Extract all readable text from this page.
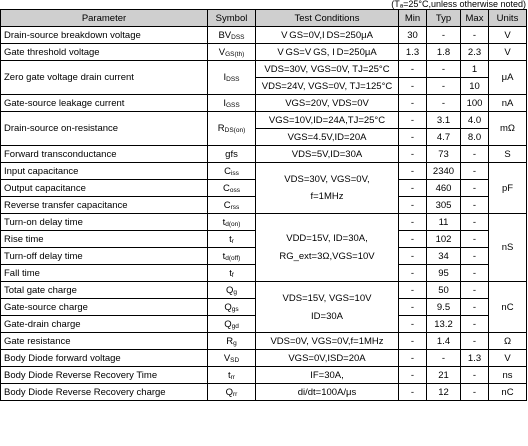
(Tₐ=25°C,unless otherwise noted)
Parameter	Symbol	Test Conditions	Min	Typ	Max	Units
Drain-source breakdown voltage	$BV_{DSS}$	V GS=0V,I DS=250μA	30	-	-	V
Gate threshold voltage	$V_{GS(th)}$	V GS=V GS, I D=250μA	1.3	1.8	2.3	V
Zero gate voltage drain current	$I_{DSS}$	VDS=30V, VGS=0V, TJ=25°C	-	-	1	μA
		VDS=24V, VGS=0V, TJ=125°C	-	-	10	
Gate-source leakage current	$I_{GSS}$	VGS=20V, VDS=0V	-	-	100	nA
Drain-source on-resistance	$R_{DS(on)}$	VGS=10V,ID=24A,TJ=25°C	-	3.1	4.0	mΩ
		VGS=4.5V,ID=20A	-	4.7	8.0	
Forward transconductance	gfs	VDS=5V,ID=30A	-	73	-	S
Input capacitance	$C_{iss}$	VDS=30V, VGS=0V,
f=1MHz	-	2340	-	pF
Output capacitance	$C_{oss}$		-	460	-	
Reverse transfer capacitance	$C_{rss}$		-	305	-	
Turn-on delay time	$t_{d(on)}$	VDD=15V, ID=30A,
RG_ext=3Ω,VGS=10V	-	11	-	nS
Rise time	$t_r$		-	102	-	
Turn-off delay time	$t_{d(off)}$		-	34	-	
Fall time	$t_f$		-	95	-	
Total gate charge	$Q_g$	VDS=15V, VGS=10V
ID=30A	-	50	-	nC
Gate-source charge	$Q_{gs}$		-	9.5	-	
Gate-drain charge	$Q_{gd}$		-	13.2	-	
Gate resistance	$R_g$	VDS=0V, VGS=0V,f=1MHz	-	1.4	-	Ω
Body Diode forward voltage	$V_{SD}$	VGS=0V,ISD=20A	-	-	1.3	V
Body Diode Reverse Recovery Time	$t_{rr}$	IF=30A,	-	21	-	ns
Body Diode Reverse Recovery charge	$Q_{rr}$	di/dt=100A/μs	-	12	-	nC
